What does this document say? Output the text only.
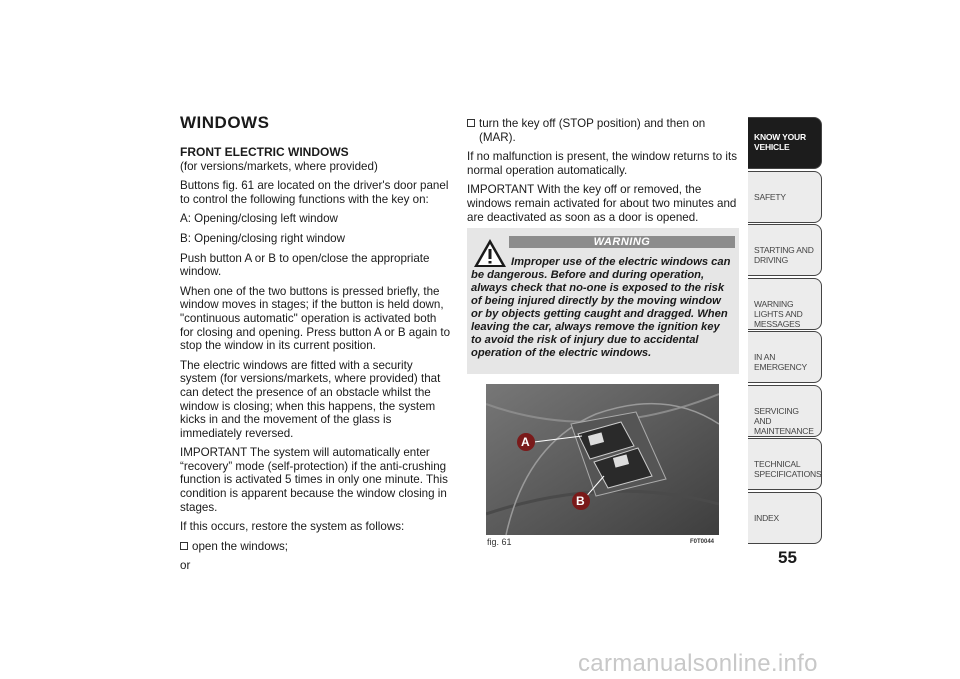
WINDOWS
FRONT ELECTRIC WINDOWS

(for versions/markets, where provided)

Buttons fig. 61 are located on the driver's door panel to control the following functions with the key on:

A: Opening/closing left window

B: Opening/closing right window

Push button A or B to open/close the appropriate window.

When one of the two buttons is pressed briefly, the window moves in stages; if the button is held down, "continuous automatic" operation is activated both for closing and opening. Press button A or B again to stop the window in its current position.

The electric windows are fitted with a security system (for versions/markets, where provided) that can detect the presence of an obstacle whilst the window is closing; when this happens, the system kicks in and the movement of the glass is immediately reversed.

IMPORTANT The system will automatically enter “recovery” mode (self-protection) if the anti-crushing function is activated 5 times in only one minute. This condition is apparent because the window closing in stages.

If this occurs, restore the system as follows:

open the windows;

or

turn the key off (STOP position) and then on (MAR).

If no malfunction is present, the window returns to its normal operation automatically.

IMPORTANT With the key off or removed, the windows remain activated for about two minutes and are deactivated as soon as a door is opened.

WARNING
Improper use of the electric windows can be dangerous. Before and during operation, always check that no-one is exposed to the risk of being injured directly by the moving window or by objects getting caught and dragged. When leaving the car, always remove the ignition key to avoid the risk of injury due to accidental operation of the electric windows.
A
B
fig. 61	F0T0044
KNOW YOUR VEHICLE
SAFETY
STARTING AND DRIVING
WARNING LIGHTS AND MESSAGES
IN AN EMERGENCY
SERVICING AND MAINTENANCE
TECHNICAL SPECIFICATIONS
INDEX
55
carmanualsonline.info
